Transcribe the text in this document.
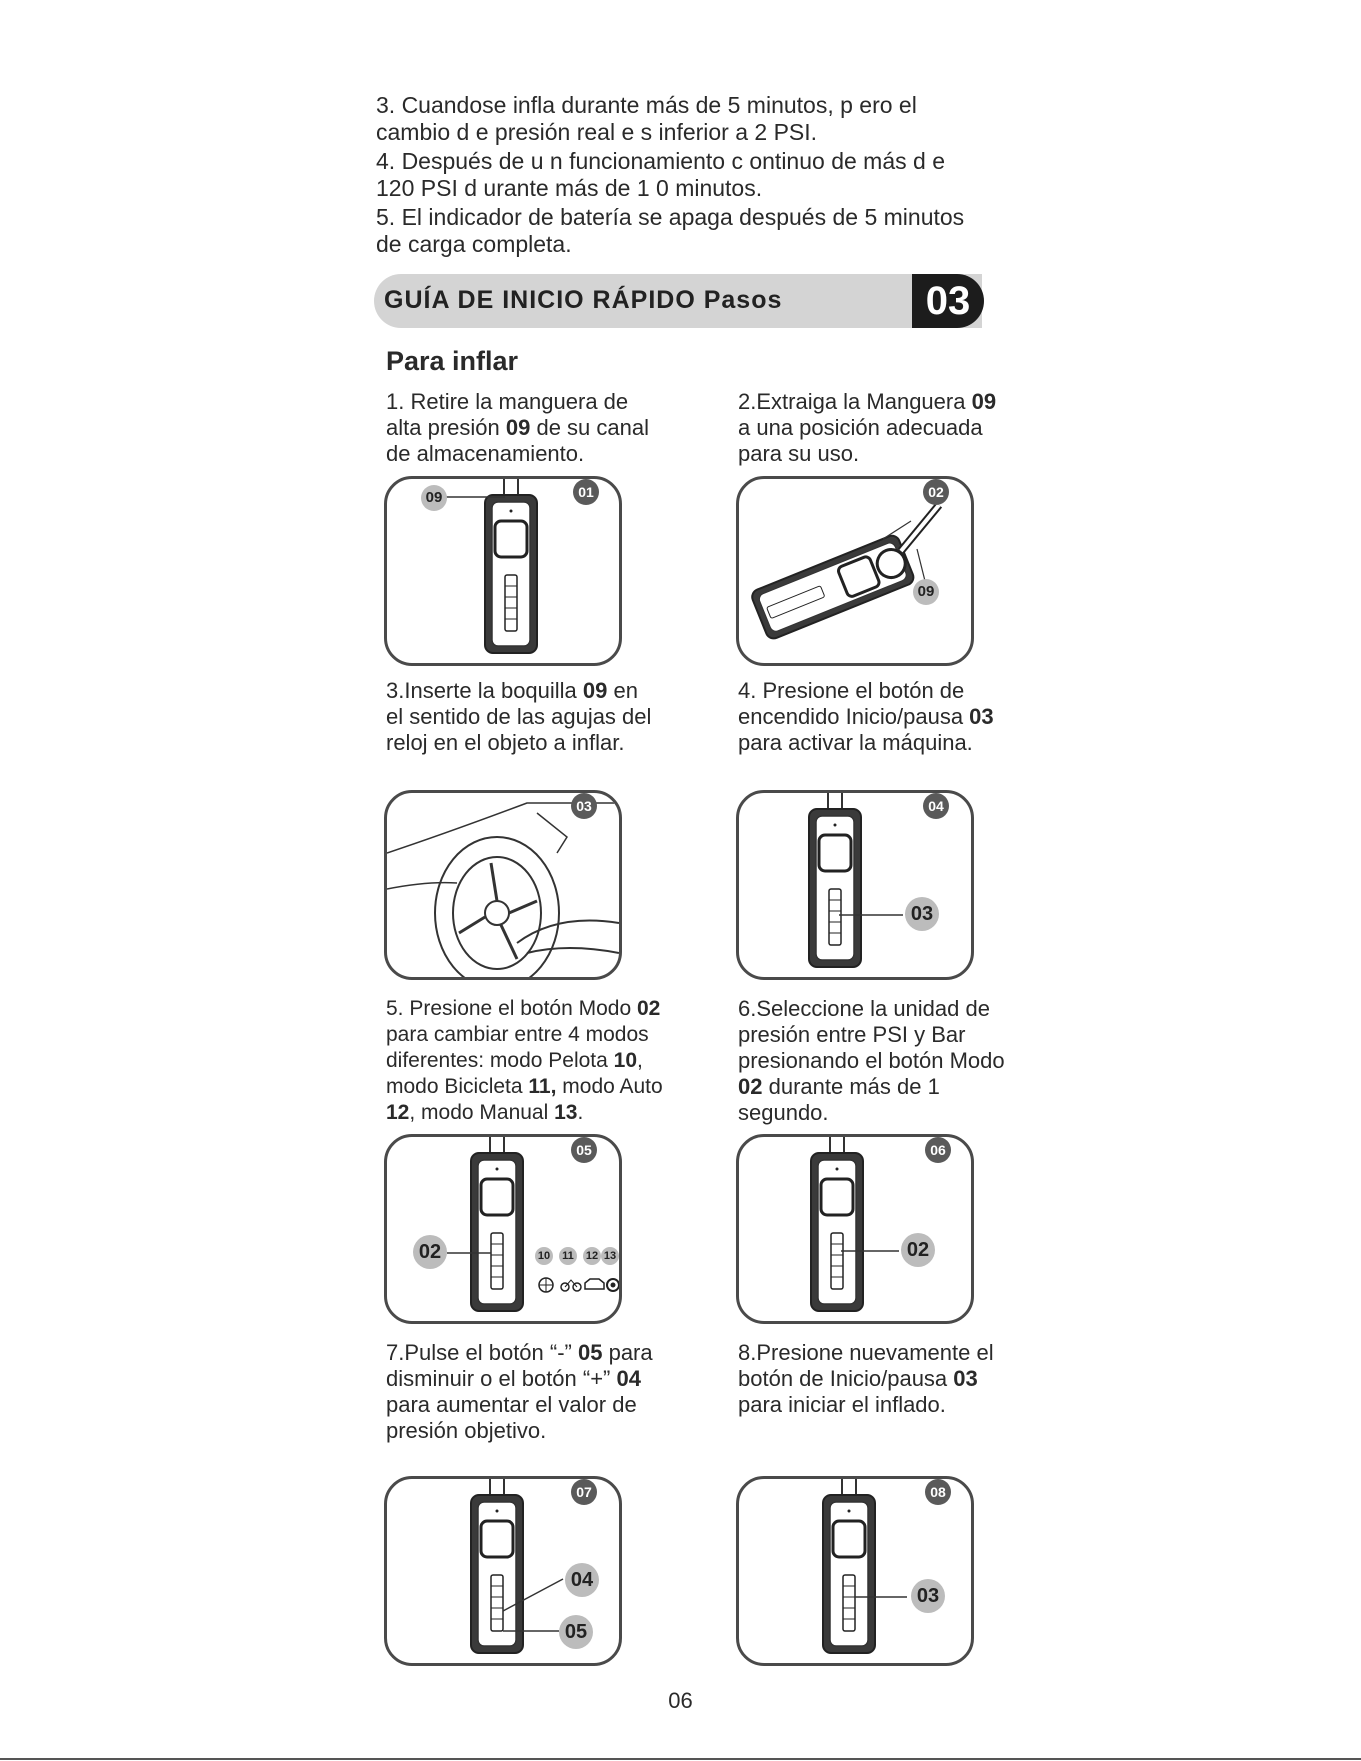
3. Cuandose infla durante más de 5 minutos, p ero el cambio d e presión real e s inferior a 2 PSI.

4. Después de u n funcionamiento c ontinuo de más d e 120 PSI d urante más de 1 0 minutos.

5. El indicador de batería se apaga después de 5 minutos de carga completa.

GUÍA DE INICIO RÁPIDO Pasos	03
Para inflar
1. Retire la manguera de alta presión 09 de su canal de almacenamiento.
09	01
2.Extraiga la Manguera 09 a una posición adecuada para su uso.
09
02
3.Inserte la boquilla 09 en el sentido de las agujas del reloj en el objeto a inflar.
03
4. Presione el botón de encendido Inicio/pausa 03 para activar la máquina.
03
04
5. Presione el botón Modo 02 para cambiar entre 4 modos diferentes: modo Pelota 10, modo Bicicleta 11, modo Auto 12, modo Manual 13.
02	10 11 12 13
05
6.Seleccione la unidad de presión entre PSI y Bar presionando el botón Modo 02 durante más de 1 segundo.
02
06
7.Pulse el botón “-” 05 para disminuir o el botón “+” 04 para aumentar el valor de presión objetivo.
04
05
07
8.Presione nuevamente el botón de Inicio/pausa 03 para iniciar el inflado.
03
08
06
